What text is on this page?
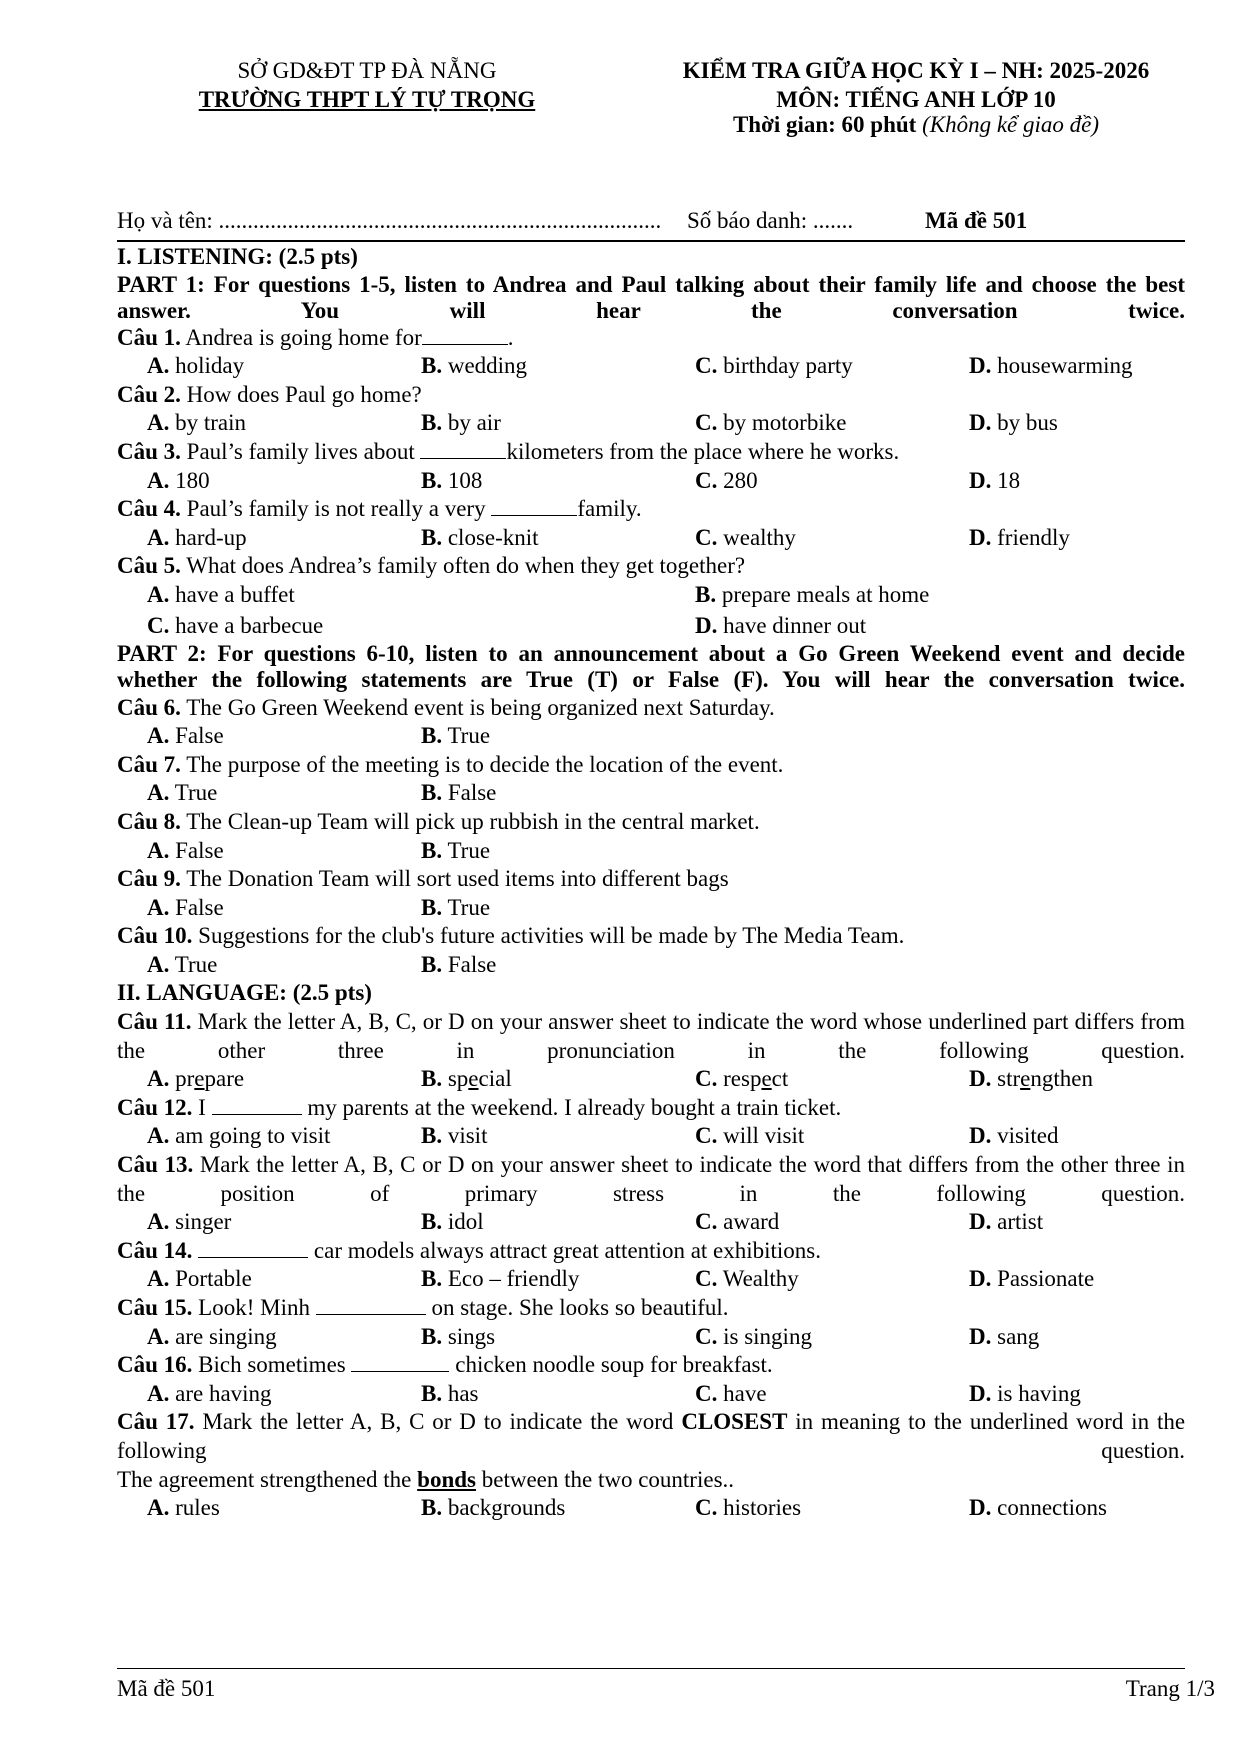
SỞ GD&ĐT TP ĐÀ NẴNG
TRƯỜNG THPT LÝ TỰ TRỌNG
KIỂM TRA GIỮA HỌC KỲ I – NH: 2025-2026
MÔN: TIẾNG ANH LỚP 10
Thời gian: 60 phút (Không kể giao đề)
Họ và tên: ............................................................................. Số báo danh: .......	Mã đề 501
I. LISTENING: (2.5 pts)
PART 1: For questions 1-5, listen to Andrea and Paul talking about their family life and choose the best answer. You will hear the conversation twice.
Câu 1. Andrea is going home for	.
A. holiday	B. wedding	C. birthday party	D. housewarming
Câu 2. How does Paul go home?
A. by train	B. by air	C. by motorbike	D. by bus
Câu 3. Paul’s family lives about	kilometers from the place where he works.
A. 180	B. 108	C. 280	D. 18
Câu 4. Paul’s family is not really a very	family.
A. hard-up	B. close-knit	C. wealthy	D. friendly
Câu 5. What does Andrea’s family often do when they get together?
A. have a buffet	B. prepare meals at home
C. have a barbecue	D. have dinner out
PART 2: For questions 6-10, listen to an announcement about a Go Green Weekend event and decide whether the following statements are True (T) or False (F). You will hear the conversation twice.
Câu 6. The Go Green Weekend event is being organized next Saturday.
A. False	B. True
Câu 7. The purpose of the meeting is to decide the location of the event.
A. True	B. False
Câu 8. The Clean-up Team will pick up rubbish in the central market.
A. False	B. True
Câu 9. The Donation Team will sort used items into different bags
A. False	B. True
Câu 10. Suggestions for the club's future activities will be made by The Media Team.
A. True	B. False
II. LANGUAGE: (2.5 pts)
Câu 11. Mark the letter A, B, C, or D on your answer sheet to indicate the word whose underlined part differs from the other three in pronunciation in the following question.
A. prepare	B. special	C. respect	D. strengthen
Câu 12. I	my parents at the weekend. I already bought a train ticket.
A. am going to visit	B. visit	C. will visit	D. visited
Câu 13. Mark the letter A, B, C or D on your answer sheet to indicate the word that differs from the other three in the position of primary stress in the following question.
A. singer	B. idol	C. award	D. artist
Câu 14.	car models always attract great attention at exhibitions.
A. Portable	B. Eco – friendly	C. Wealthy	D. Passionate
Câu 15. Look! Minh	on stage. She looks so beautiful.
A. are singing	B. sings	C. is singing	D. sang
Câu 16. Bich sometimes	chicken noodle soup for breakfast.
A. are having	B. has	C. have	D. is having
Câu 17. Mark the letter A, B, C or D to indicate the word CLOSEST in meaning to the underlined word in the following question.
The agreement strengthened the bonds between the two countries..
A. rules	B. backgrounds	C. histories	D. connections
Mã đề 501	Trang 1/3
